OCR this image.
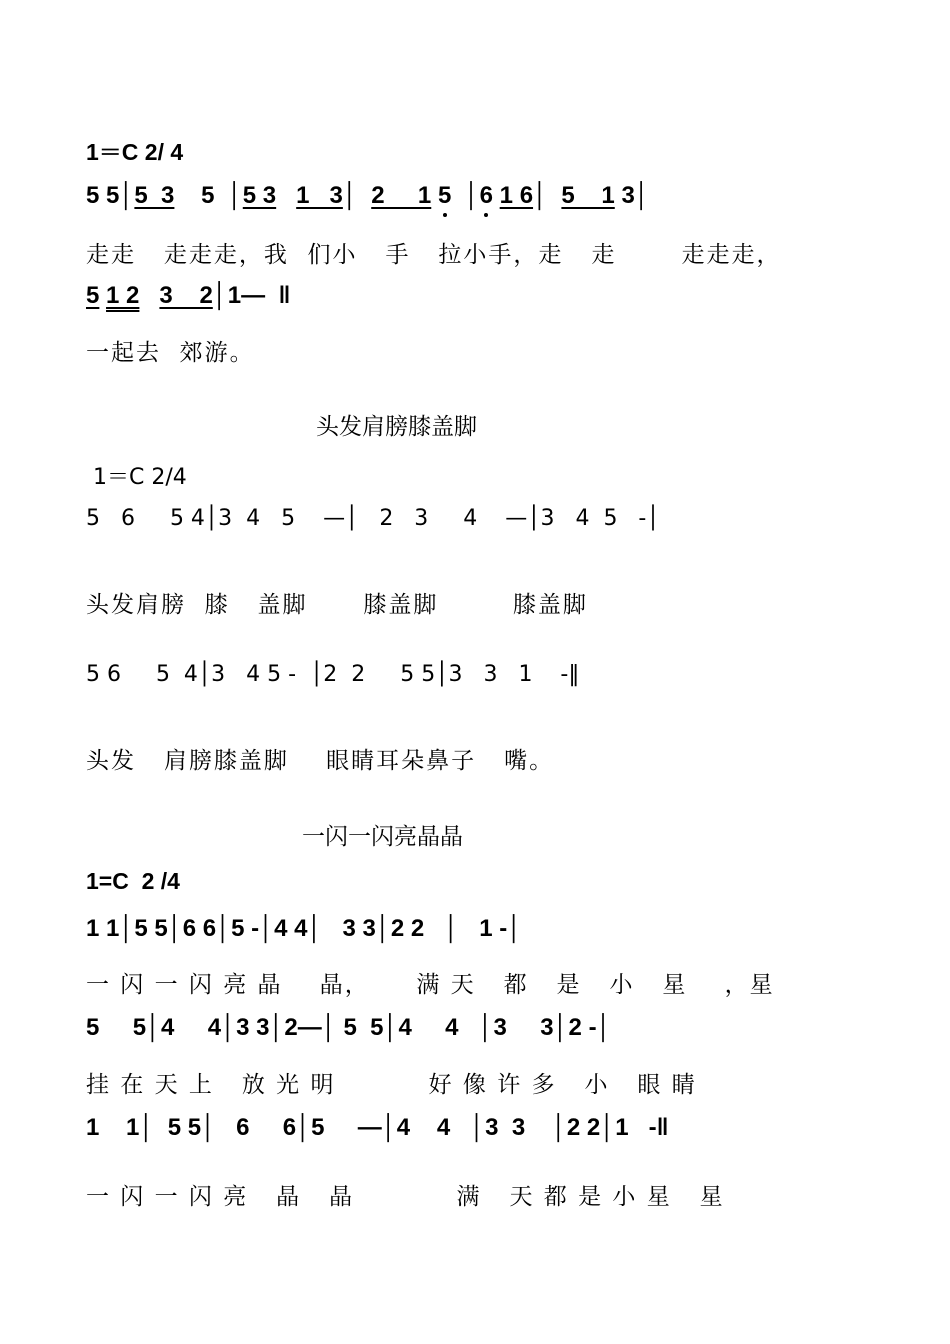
1＝C 2/ 4
5 5│5  3 5  │5 3 1   3│  2     1 5  │6 1 6│  5    1 3│
走走   走走走，我  们小   手   拉小手，走   走       走走走，
5 1 2 3    2│1—  ‖
一起去  郊游。
头发肩膀膝盖脚
1＝C 2/4
5   6     5 4│3  4   5    —│   2   3     4    —│3   4  5   -│
头发肩膀  膝   盖脚      膝盖脚        膝盖脚
5 6     5  4│3   4 5 -  │2  2     5 5│3   3   1    -‖
头发   肩膀膝盖脚    眼睛耳朵鼻子   嘴。
一闪一闪亮晶晶
1=C  2 /4
1 1│5 5│6 6│5 -│4 4│   3 3│2 2   │   1 -│
一 闪 一 闪 亮 晶    晶，     满 天   都   是   小   星    ，星
5     5│4     4│3 3│2—│ 5  5│4     4   │3     3│2 -│
挂 在 天 上   放 光 明          好 像 许 多   小   眼 睛
1    1│  5 5│   6     6│5     —│4    4   │3  3    │2 2│1   -‖
一 闪 一 闪 亮   晶   晶           满   天 都 是 小 星   星
